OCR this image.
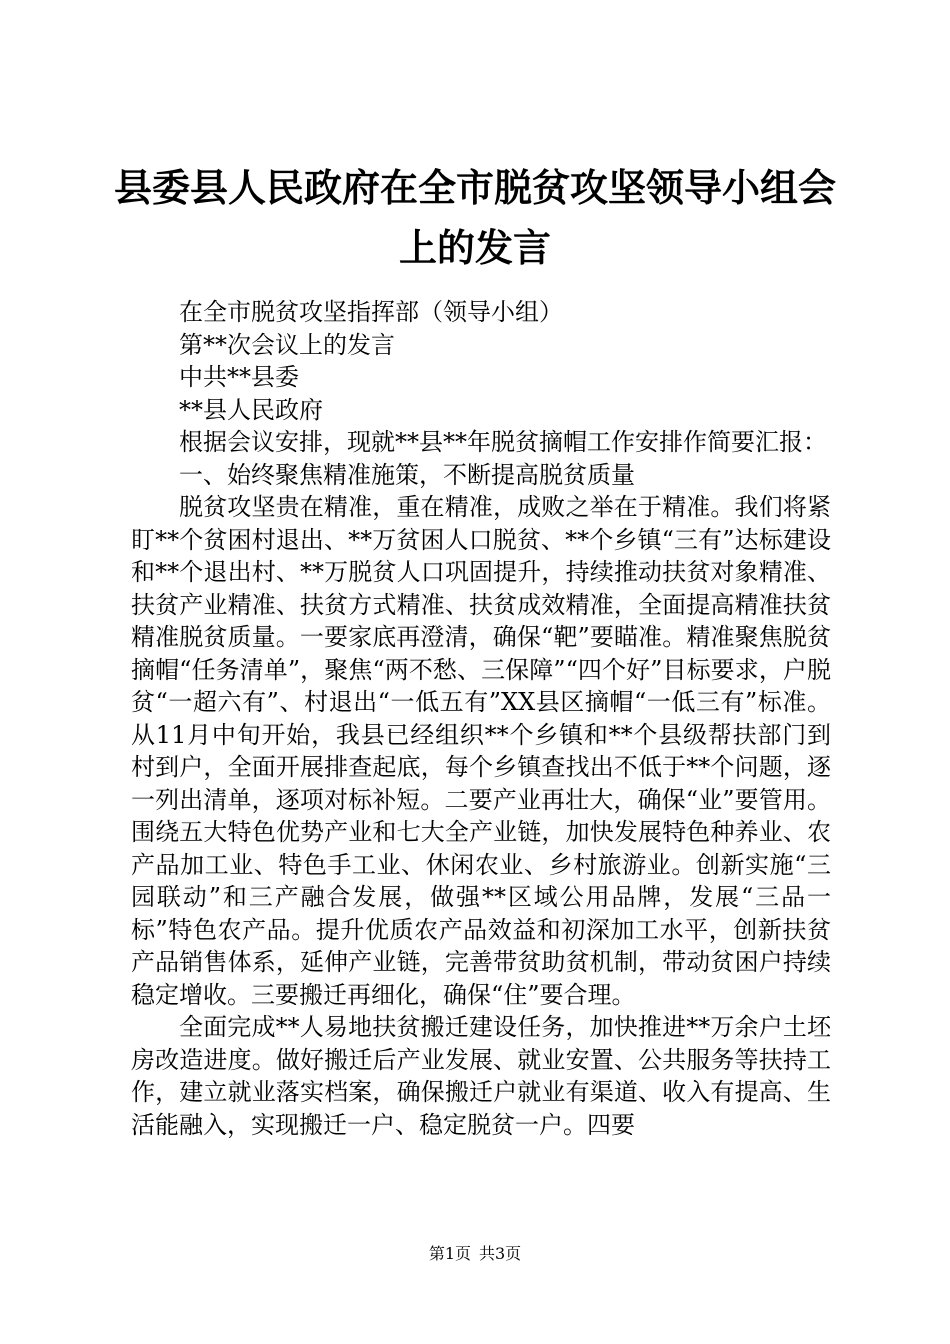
县委县人民政府在全市脱贫攻坚领导小组会上的发言

在全市脱贫攻坚指挥部（领导小组）

第**次会议上的发言

中共**县委

**县人民政府

根据会议安排，现就**县**年脱贫摘帽工作安排作简要汇报：

一、始终聚焦精准施策，不断提高脱贫质量

脱贫攻坚贵在精准，重在精准，成败之举在于精准。我们将紧盯**个贫困村退出、**万贫困人口脱贫、**个乡镇“三有”达标建设和**个退出村、**万脱贫人口巩固提升，持续推动扶贫对象精准、扶贫产业精准、扶贫方式精准、扶贫成效精准，全面提高精准扶贫精准脱贫质量。一要家底再澄清，确保“靶”要瞄准。精准聚焦脱贫摘帽“任务清单”，聚焦“两不愁、三保障”“四个好”目标要求，户脱贫“一超六有”、村退出“一低五有”XX县区摘帽“一低三有”标准。从11月中旬开始，我县已经组织**个乡镇和**个县级帮扶部门到村到户，全面开展排查起底，每个乡镇查找出不低于**个问题，逐一列出清单，逐项对标补短。二要产业再壮大，确保“业”要管用。围绕五大特色优势产业和七大全产业链，加快发展特色种养业、农产品加工业、特色手工业、休闲农业、乡村旅游业。创新实施“三园联动”和三产融合发展，做强**区域公用品牌，发展“三品一标”特色农产品。提升优质农产品效益和初深加工水平，创新扶贫产品销售体系，延伸产业链，完善带贫助贫机制，带动贫困户持续稳定增收。三要搬迁再细化，确保“住”要合理。

全面完成**人易地扶贫搬迁建设任务，加快推进**万余户土坯房改造进度。做好搬迁后产业发展、就业安置、公共服务等扶持工作，建立就业落实档案，确保搬迁户就业有渠道、收入有提高、生活能融入，实现搬迁一户、稳定脱贫一户。四要

第1页 共3页
